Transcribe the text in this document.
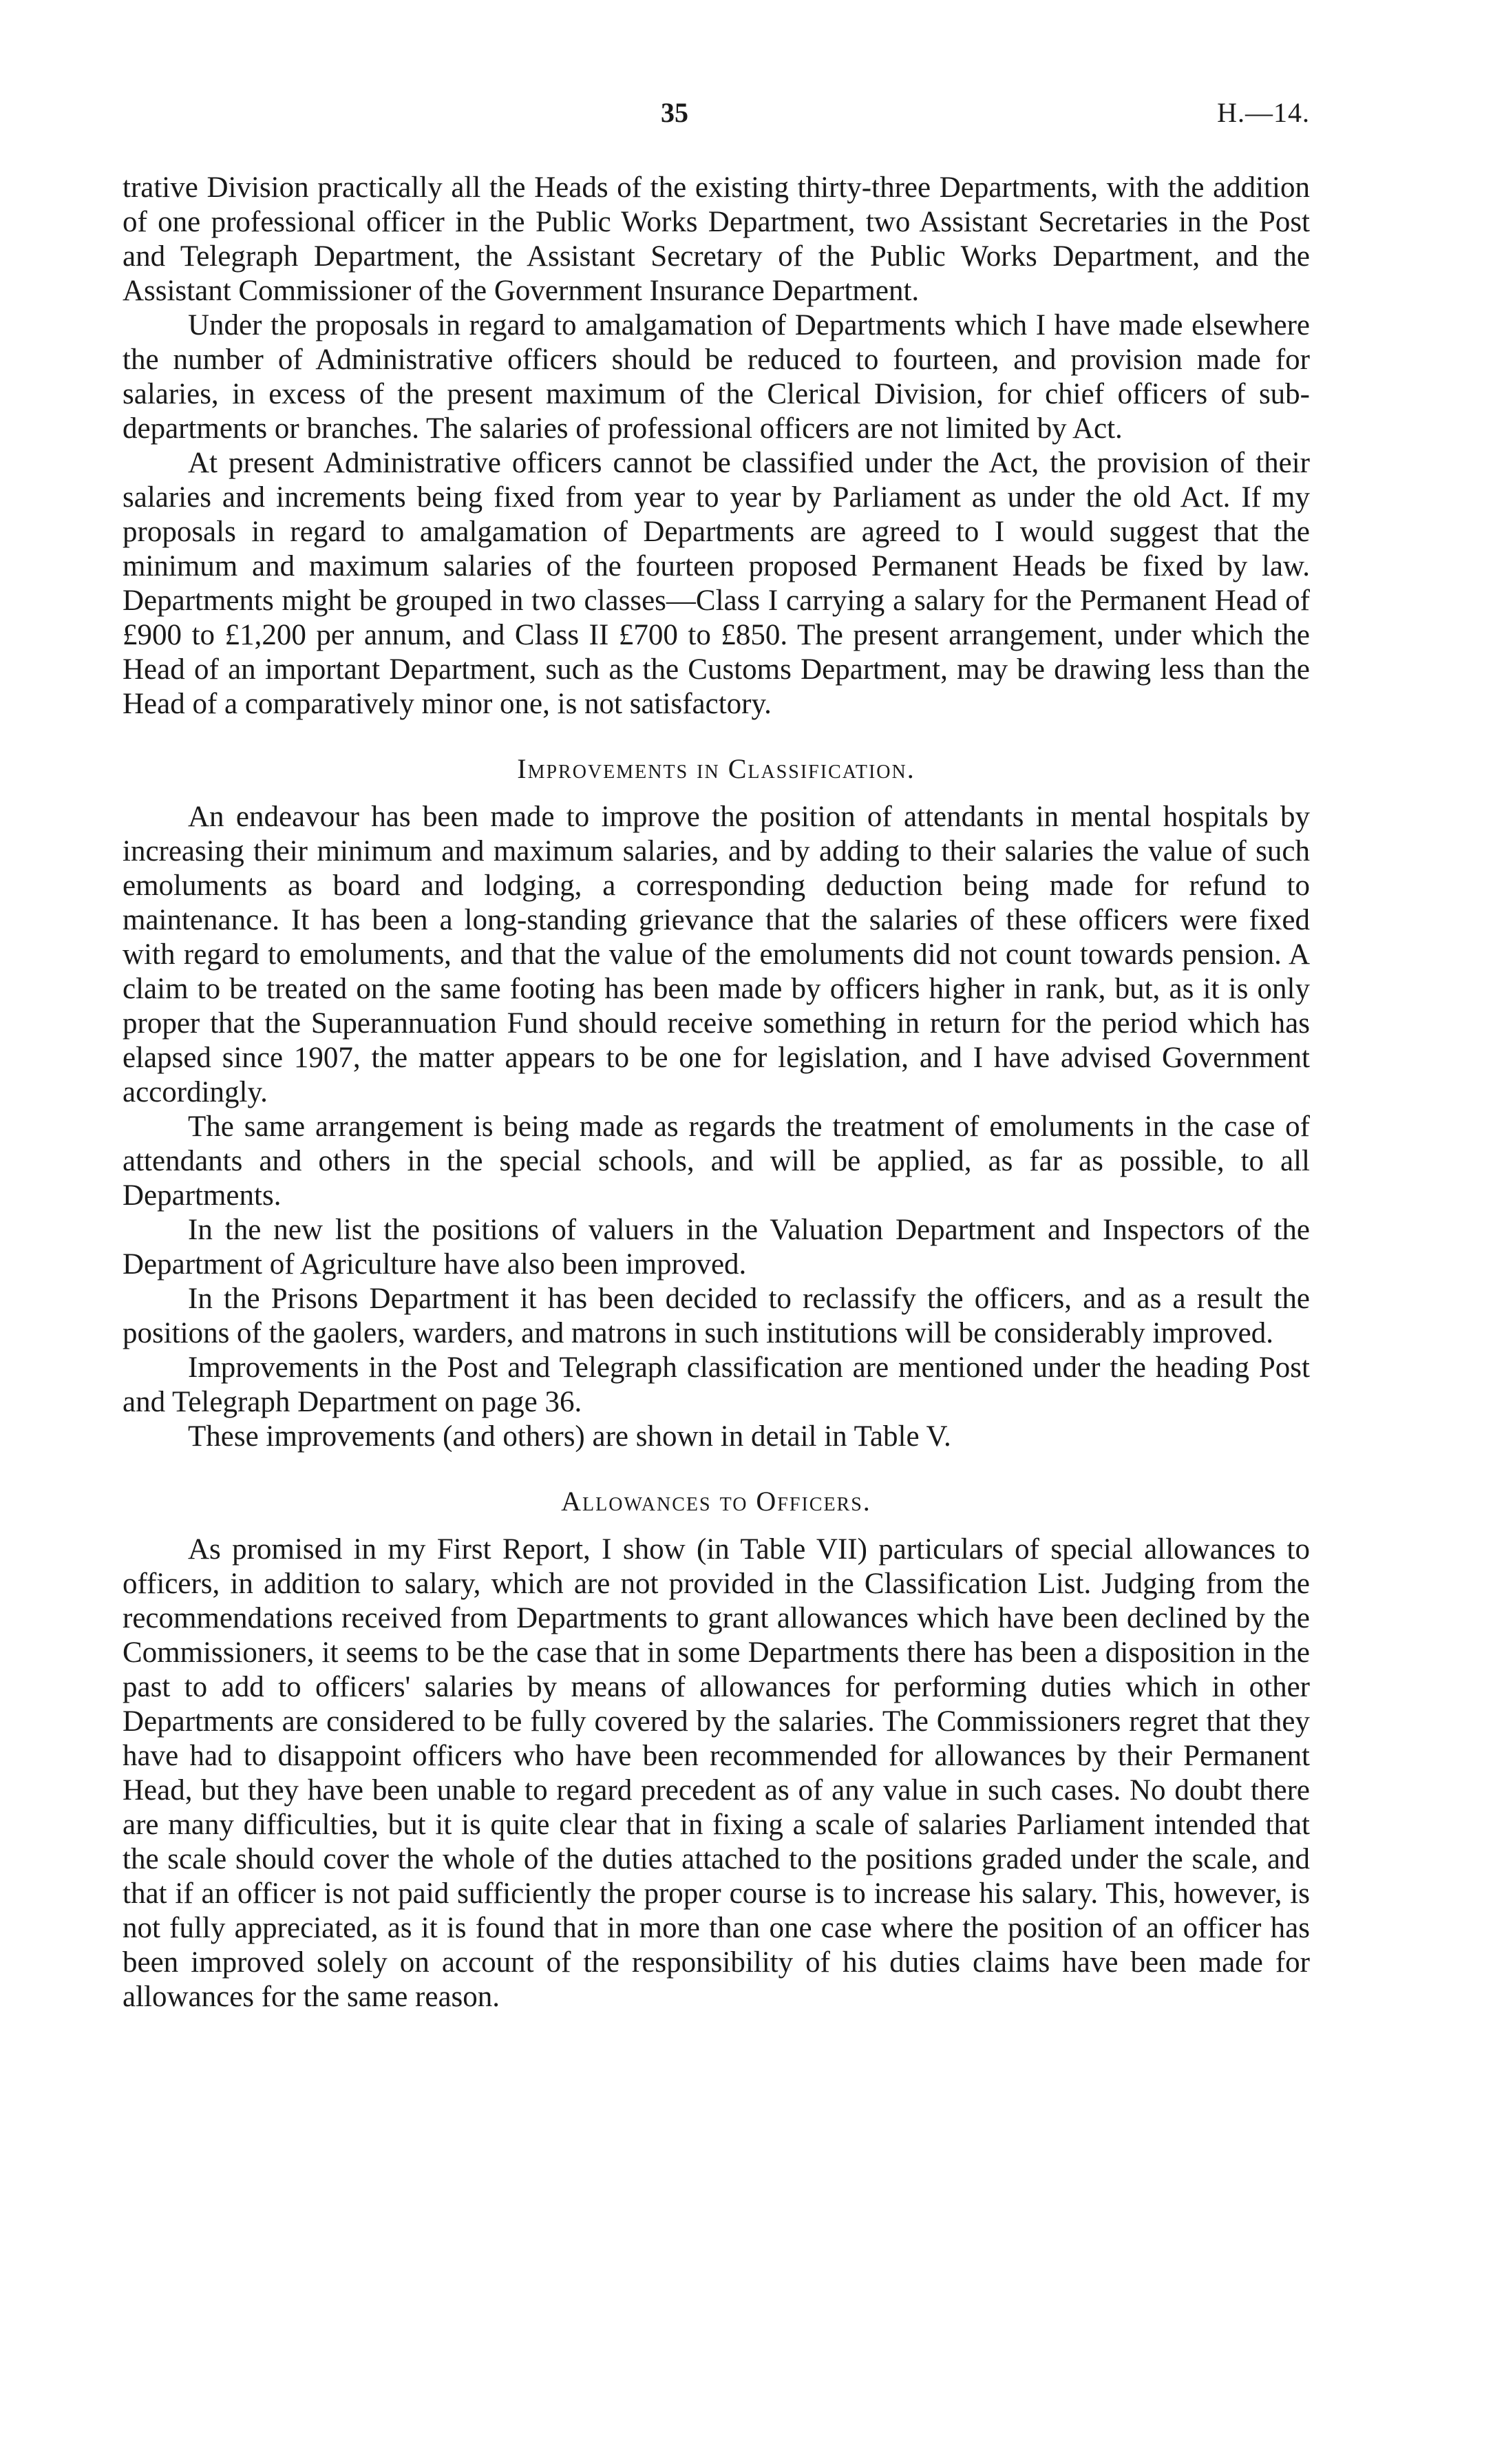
35	H.—14.

trative Division practically all the Heads of the existing thirty-three Departments, with the addition of one professional officer in the Public Works Department, two Assistant Secretaries in the Post and Telegraph Department, the Assistant Secretary of the Public Works Department, and the Assistant Commissioner of the Government Insurance Department.

Under the proposals in regard to amalgamation of Departments which I have made elsewhere the number of Administrative officers should be reduced to fourteen, and provision made for salaries, in excess of the present maximum of the Clerical Division, for chief officers of sub-departments or branches. The salaries of professional officers are not limited by Act.

At present Administrative officers cannot be classified under the Act, the provision of their salaries and increments being fixed from year to year by Parliament as under the old Act. If my proposals in regard to amalgamation of Departments are agreed to I would suggest that the minimum and maximum salaries of the fourteen proposed Permanent Heads be fixed by law. Departments might be grouped in two classes—Class I carrying a salary for the Permanent Head of £900 to £1,200 per annum, and Class II £700 to £850. The present arrangement, under which the Head of an important Department, such as the Customs Department, may be drawing less than the Head of a comparatively minor one, is not satisfactory.

Improvements in Classification.

An endeavour has been made to improve the position of attendants in mental hospitals by increasing their minimum and maximum salaries, and by adding to their salaries the value of such emoluments as board and lodging, a corresponding deduction being made for refund to maintenance. It has been a long-standing grievance that the salaries of these officers were fixed with regard to emoluments, and that the value of the emoluments did not count towards pension. A claim to be treated on the same footing has been made by officers higher in rank, but, as it is only proper that the Superannuation Fund should receive something in return for the period which has elapsed since 1907, the matter appears to be one for legislation, and I have advised Government accordingly.

The same arrangement is being made as regards the treatment of emoluments in the case of attendants and others in the special schools, and will be applied, as far as possible, to all Departments.

In the new list the positions of valuers in the Valuation Department and Inspectors of the Department of Agriculture have also been improved.

In the Prisons Department it has been decided to reclassify the officers, and as a result the positions of the gaolers, warders, and matrons in such institutions will be considerably improved.

Improvements in the Post and Telegraph classification are mentioned under the heading Post and Telegraph Department on page 36.

These improvements (and others) are shown in detail in Table V.

Allowances to Officers.

As promised in my First Report, I show (in Table VII) particulars of special allowances to officers, in addition to salary, which are not provided in the Classification List. Judging from the recommendations received from Departments to grant allowances which have been declined by the Commissioners, it seems to be the case that in some Departments there has been a disposition in the past to add to officers' salaries by means of allowances for performing duties which in other Departments are considered to be fully covered by the salaries. The Commissioners regret that they have had to disappoint officers who have been recommended for allowances by their Permanent Head, but they have been unable to regard precedent as of any value in such cases. No doubt there are many difficulties, but it is quite clear that in fixing a scale of salaries Parliament intended that the scale should cover the whole of the duties attached to the positions graded under the scale, and that if an officer is not paid sufficiently the proper course is to increase his salary. This, however, is not fully appreciated, as it is found that in more than one case where the position of an officer has been improved solely on account of the responsibility of his duties claims have been made for allowances for the same reason.
